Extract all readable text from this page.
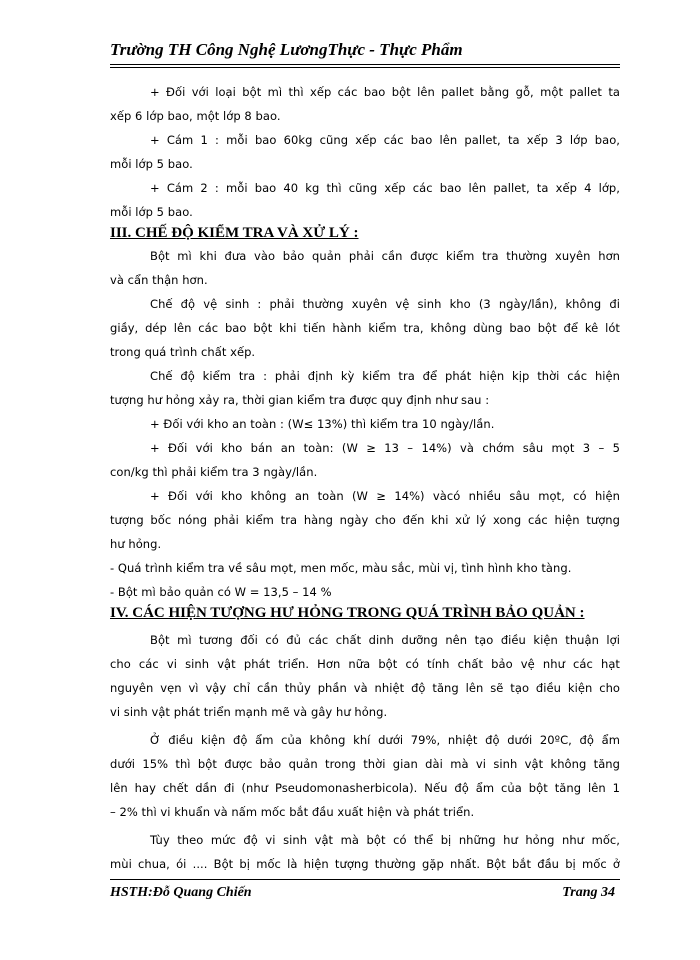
Trường TH Công Nghệ LươngThực - Thực Phẩm
+ Đối với loại bột mì thì xếp các bao bột lên pallet bằng gỗ, một pallet ta
xếp 6 lớp bao, một lớp 8 bao.
+ Cám 1 : mỗi bao 60kg cũng xếp các bao lên pallet, ta xếp 3 lớp bao,
mỗi lớp 5 bao.
+ Cám 2 : mỗi bao 40 kg thì cũng xếp các bao lên pallet, ta xếp 4 lớp,
mỗi lớp 5 bao.
III. CHẾ ĐỘ KIỂM TRA VÀ XỬ LÝ :
Bột mì khi đưa vào bảo quản phải cần được kiểm tra thường xuyên hơn
và cẩn thận hơn.
Chế độ vệ sinh : phải thường xuyên vệ sinh kho (3 ngày/lần), không đi
giầy, dép lên các bao bột khi tiến hành kiểm tra, không dùng bao bột để kê lót
trong quá trình chất xếp.
Chế độ kiểm tra : phải định kỳ kiểm tra để phát hiện kịp thời các hiện
tượng hư hỏng xảy ra, thời gian kiểm tra được quy định như sau :
+ Đối với kho an toàn : (W≤ 13%) thì kiểm tra 10 ngày/lần.
+ Đối với kho bán an toàn: (W ≥ 13 – 14%) và chớm sâu mọt 3 – 5
con/kg thì phải kiểm tra 3 ngày/lần.
+ Đối với kho không an toàn (W ≥ 14%) vàcó nhiều sâu mọt, có hiện
tượng bốc nóng phải kiểm tra hàng ngày cho đến khi xử lý xong các hiện tượng
hư hỏng.
- Quá trình kiểm tra về sâu mọt, men mốc, màu sắc, mùi vị, tình hình kho tàng.
- Bột mì bảo quản có W = 13,5 – 14 %
IV. CÁC HIỆN TƯỢNG HƯ HỎNG TRONG QUÁ TRÌNH BẢO QUẢN :
Bột mì tương đối có đủ các chất dinh dưỡng nên tạo điều kiện thuận lợi
cho các vi sinh vật phát triển. Hơn nữa bột có tính chất bảo vệ như các hạt
nguyên vẹn vì vậy chỉ cần thủy phần và nhiệt độ tăng lên sẽ tạo điều kiện cho
vi sinh vật phát triển mạnh mẽ và gây hư hỏng.
Ở điều kiện độ ẩm của không khí dưới 79%, nhiệt độ dưới 20ºC, độ ẩm
dưới 15% thì bột được bảo quản trong thời gian dài mà vi sinh vật không tăng
lên hay chết dần đi (như Pseudomonasherbicola). Nếu độ ẩm của bột tăng lên 1
– 2% thì vi khuẩn và nấm mốc bắt đầu xuất hiện và phát triển.
Tùy theo mức độ vi sinh vật mà bột có thể bị những hư hỏng như mốc,
mùi chua, ói .... Bột bị mốc là hiện tượng thường gặp nhất. Bột bắt đầu bị mốc ở
HSTH:Đỗ Quang Chiến	Trang 34
